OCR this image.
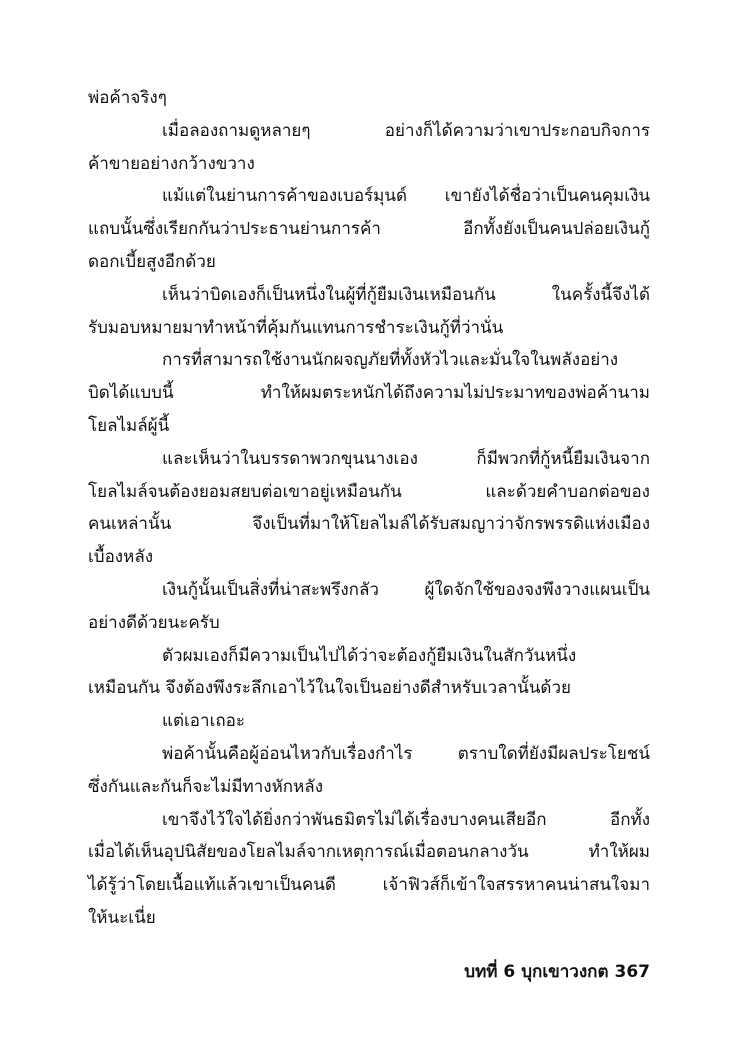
พ่อค้าจริงๆ
เมื่อลองถามดูหลายๆ อย่างก็ได้ความว่าเขาประกอบกิจการ
ค้าขายอย่างกว้างขวาง
แม้แต่ในย่านการค้าของเบอร์มุนด์ เขายังได้ชื่อว่าเป็นคนคุมเงิน
แถบนั้นซึ่งเรียกกันว่าประธานย่านการค้า อีกทั้งยังเป็นคนปล่อยเงินกู้
ดอกเบี้ยสูงอีกด้วย
เห็นว่าบิดเองก็เป็นหนึ่งในผู้ที่กู้ยืมเงินเหมือนกัน ในครั้งนี้จึงได้
รับมอบหมายมาทำหน้าที่คุ้มกันแทนการชำระเงินกู้ที่ว่านั่น
การที่สามารถใช้งานนักผจญภัยที่ทั้งหัวไวและมั่นใจในพลังอย่าง
บิดได้แบบนี้ ทำให้ผมตระหนักได้ถึงความไม่ประมาทของพ่อค้านาม
โยลไมล์ผู้นี้
และเห็นว่าในบรรดาพวกขุนนางเอง ก็มีพวกที่กู้หนี้ยืมเงินจาก
โยลไมล์จนต้องยอมสยบต่อเขาอยู่เหมือนกัน และด้วยคำบอกต่อของ
คนเหล่านั้น จึงเป็นที่มาให้โยลไมล์ได้รับสมญาว่าจักรพรรดิแห่งเมือง
เบื้องหลัง
เงินกู้นั้นเป็นสิ่งที่น่าสะพรึงกลัว ผู้ใดจักใช้ของจงพึงวางแผนเป็น
อย่างดีด้วยนะครับ
ตัวผมเองก็มีความเป็นไปได้ว่าจะต้องกู้ยืมเงินในสักวันหนึ่ง
เหมือนกัน จึงต้องพึงระลึกเอาไว้ในใจเป็นอย่างดีสำหรับเวลานั้นด้วย
แต่เอาเถอะ
พ่อค้านั้นคือผู้อ่อนไหวกับเรื่องกำไร ตราบใดที่ยังมีผลประโยชน์
ซึ่งกันและกันก็จะไม่มีทางหักหลัง
เขาจึงไว้ใจได้ยิ่งกว่าพันธมิตรไม่ได้เรื่องบางคนเสียอีก อีกทั้ง
เมื่อได้เห็นอุปนิสัยของโยลไมล์จากเหตุการณ์เมื่อตอนกลางวัน ทำให้ผม
ได้รู้ว่าโดยเนื้อแท้แล้วเขาเป็นคนดี เจ้าฟิวส์ก็เข้าใจสรรหาคนน่าสนใจมา
ให้นะเนี่ย
บทที่ 6 บุกเขาวงกต 367
